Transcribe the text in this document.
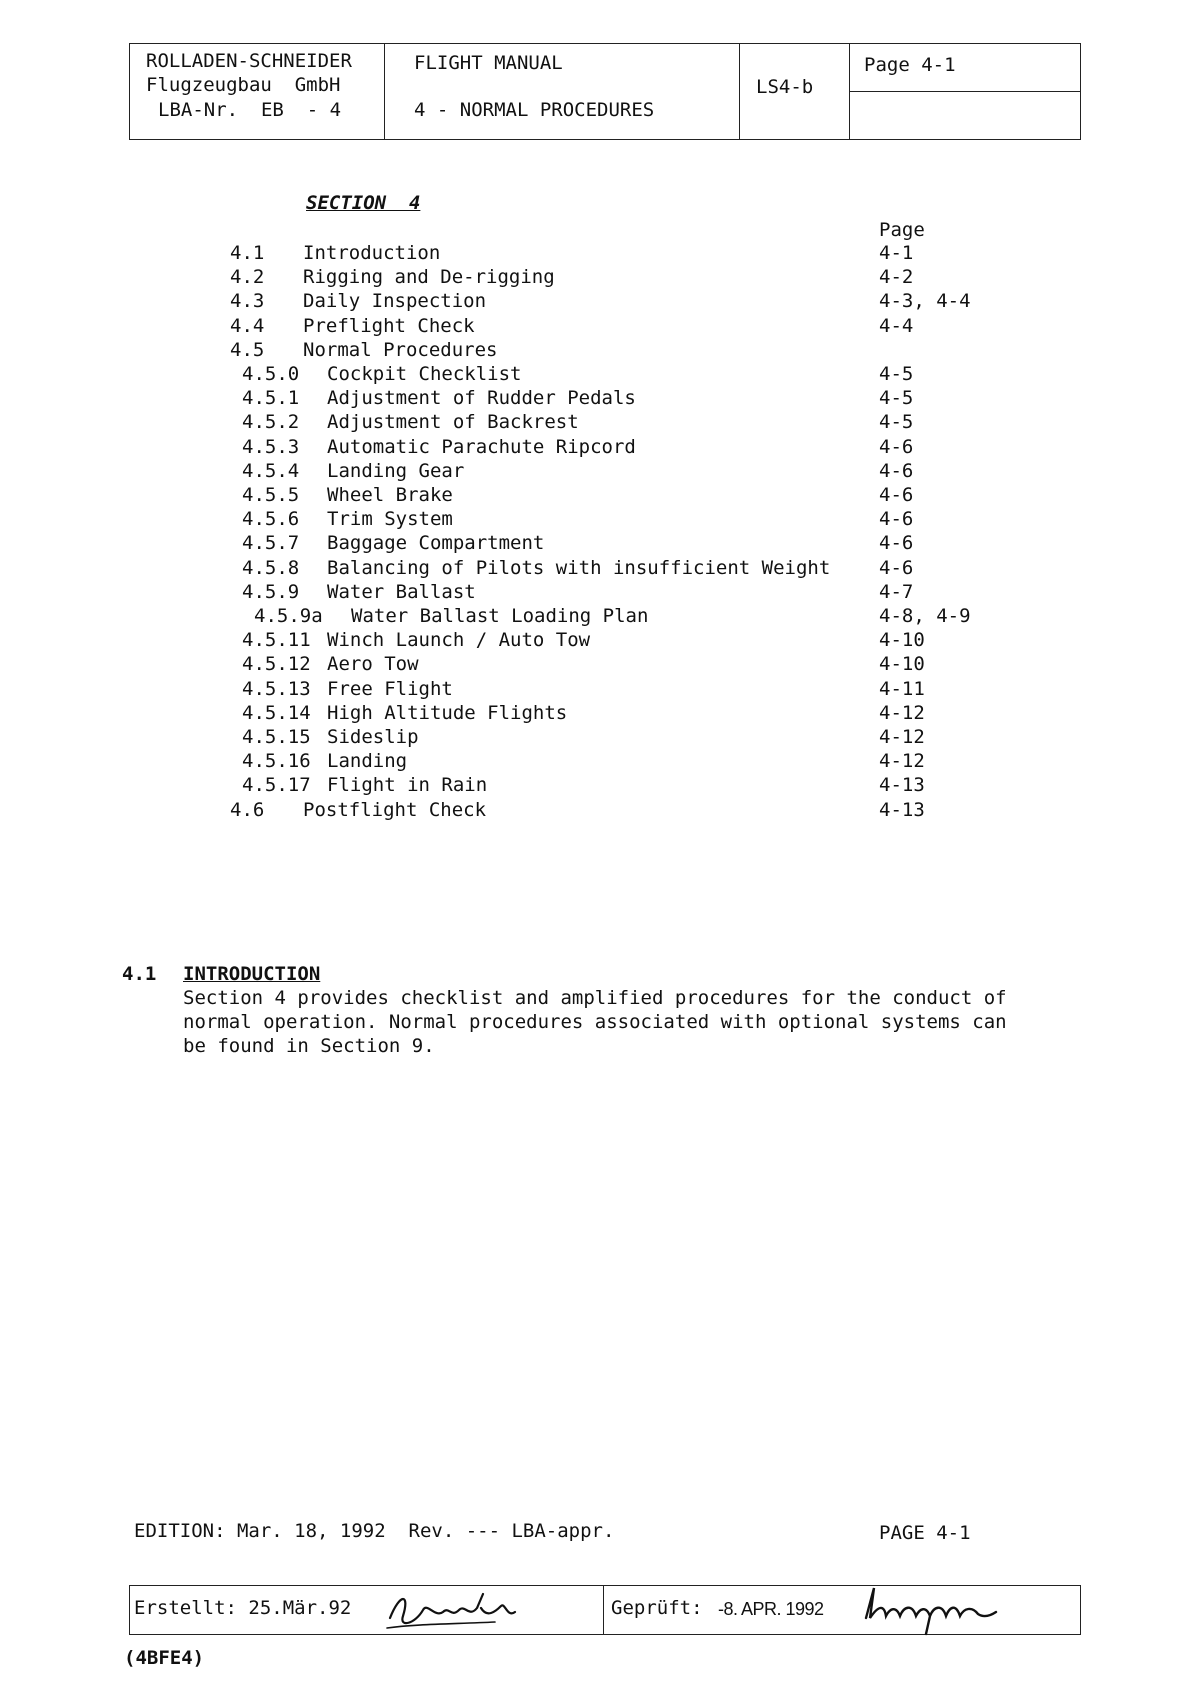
ROLLADEN-SCHNEIDER
Flugzeugbau  GmbH
LBA-Nr.  EB  - 4
FLIGHT MANUAL
4 - NORMAL PROCEDURES
LS4-b
Page 4-1
SECTION  4
Page
4.1 Introduction	4-1
4.2 Rigging and De-rigging	4-2
4.3 Daily Inspection	4-3, 4-4
4.4 Preflight Check	4-4
4.5 Normal Procedures
4.5.0 Cockpit Checklist	4-5
4.5.1 Adjustment of Rudder Pedals	4-5
4.5.2 Adjustment of Backrest	4-5
4.5.3 Automatic Parachute Ripcord	4-6
4.5.4 Landing Gear	4-6
4.5.5 Wheel Brake	4-6
4.5.6 Trim System	4-6
4.5.7 Baggage Compartment	4-6
4.5.8 Balancing of Pilots with insufficient Weight	4-6
4.5.9 Water Ballast	4-7
4.5.9a Water Ballast Loading Plan	4-8, 4-9
4.5.11 Winch Launch / Auto Tow	4-10
4.5.12 Aero Tow	4-10
4.5.13 Free Flight	4-11
4.5.14 High Altitude Flights	4-12
4.5.15 Sideslip	4-12
4.5.16 Landing	4-12
4.5.17 Flight in Rain	4-13
4.6 Postflight Check	4-13
4.1 INTRODUCTION
Section 4 provides checklist and amplified procedures for the conduct of
normal operation. Normal procedures associated with optional systems can
be found in Section 9.
EDITION: Mar. 18, 1992  Rev. --- LBA-appr.	PAGE 4-1
Erstellt: 25.Mär.92	Geprüft: -8. APR. 1992
(4BFE4)
